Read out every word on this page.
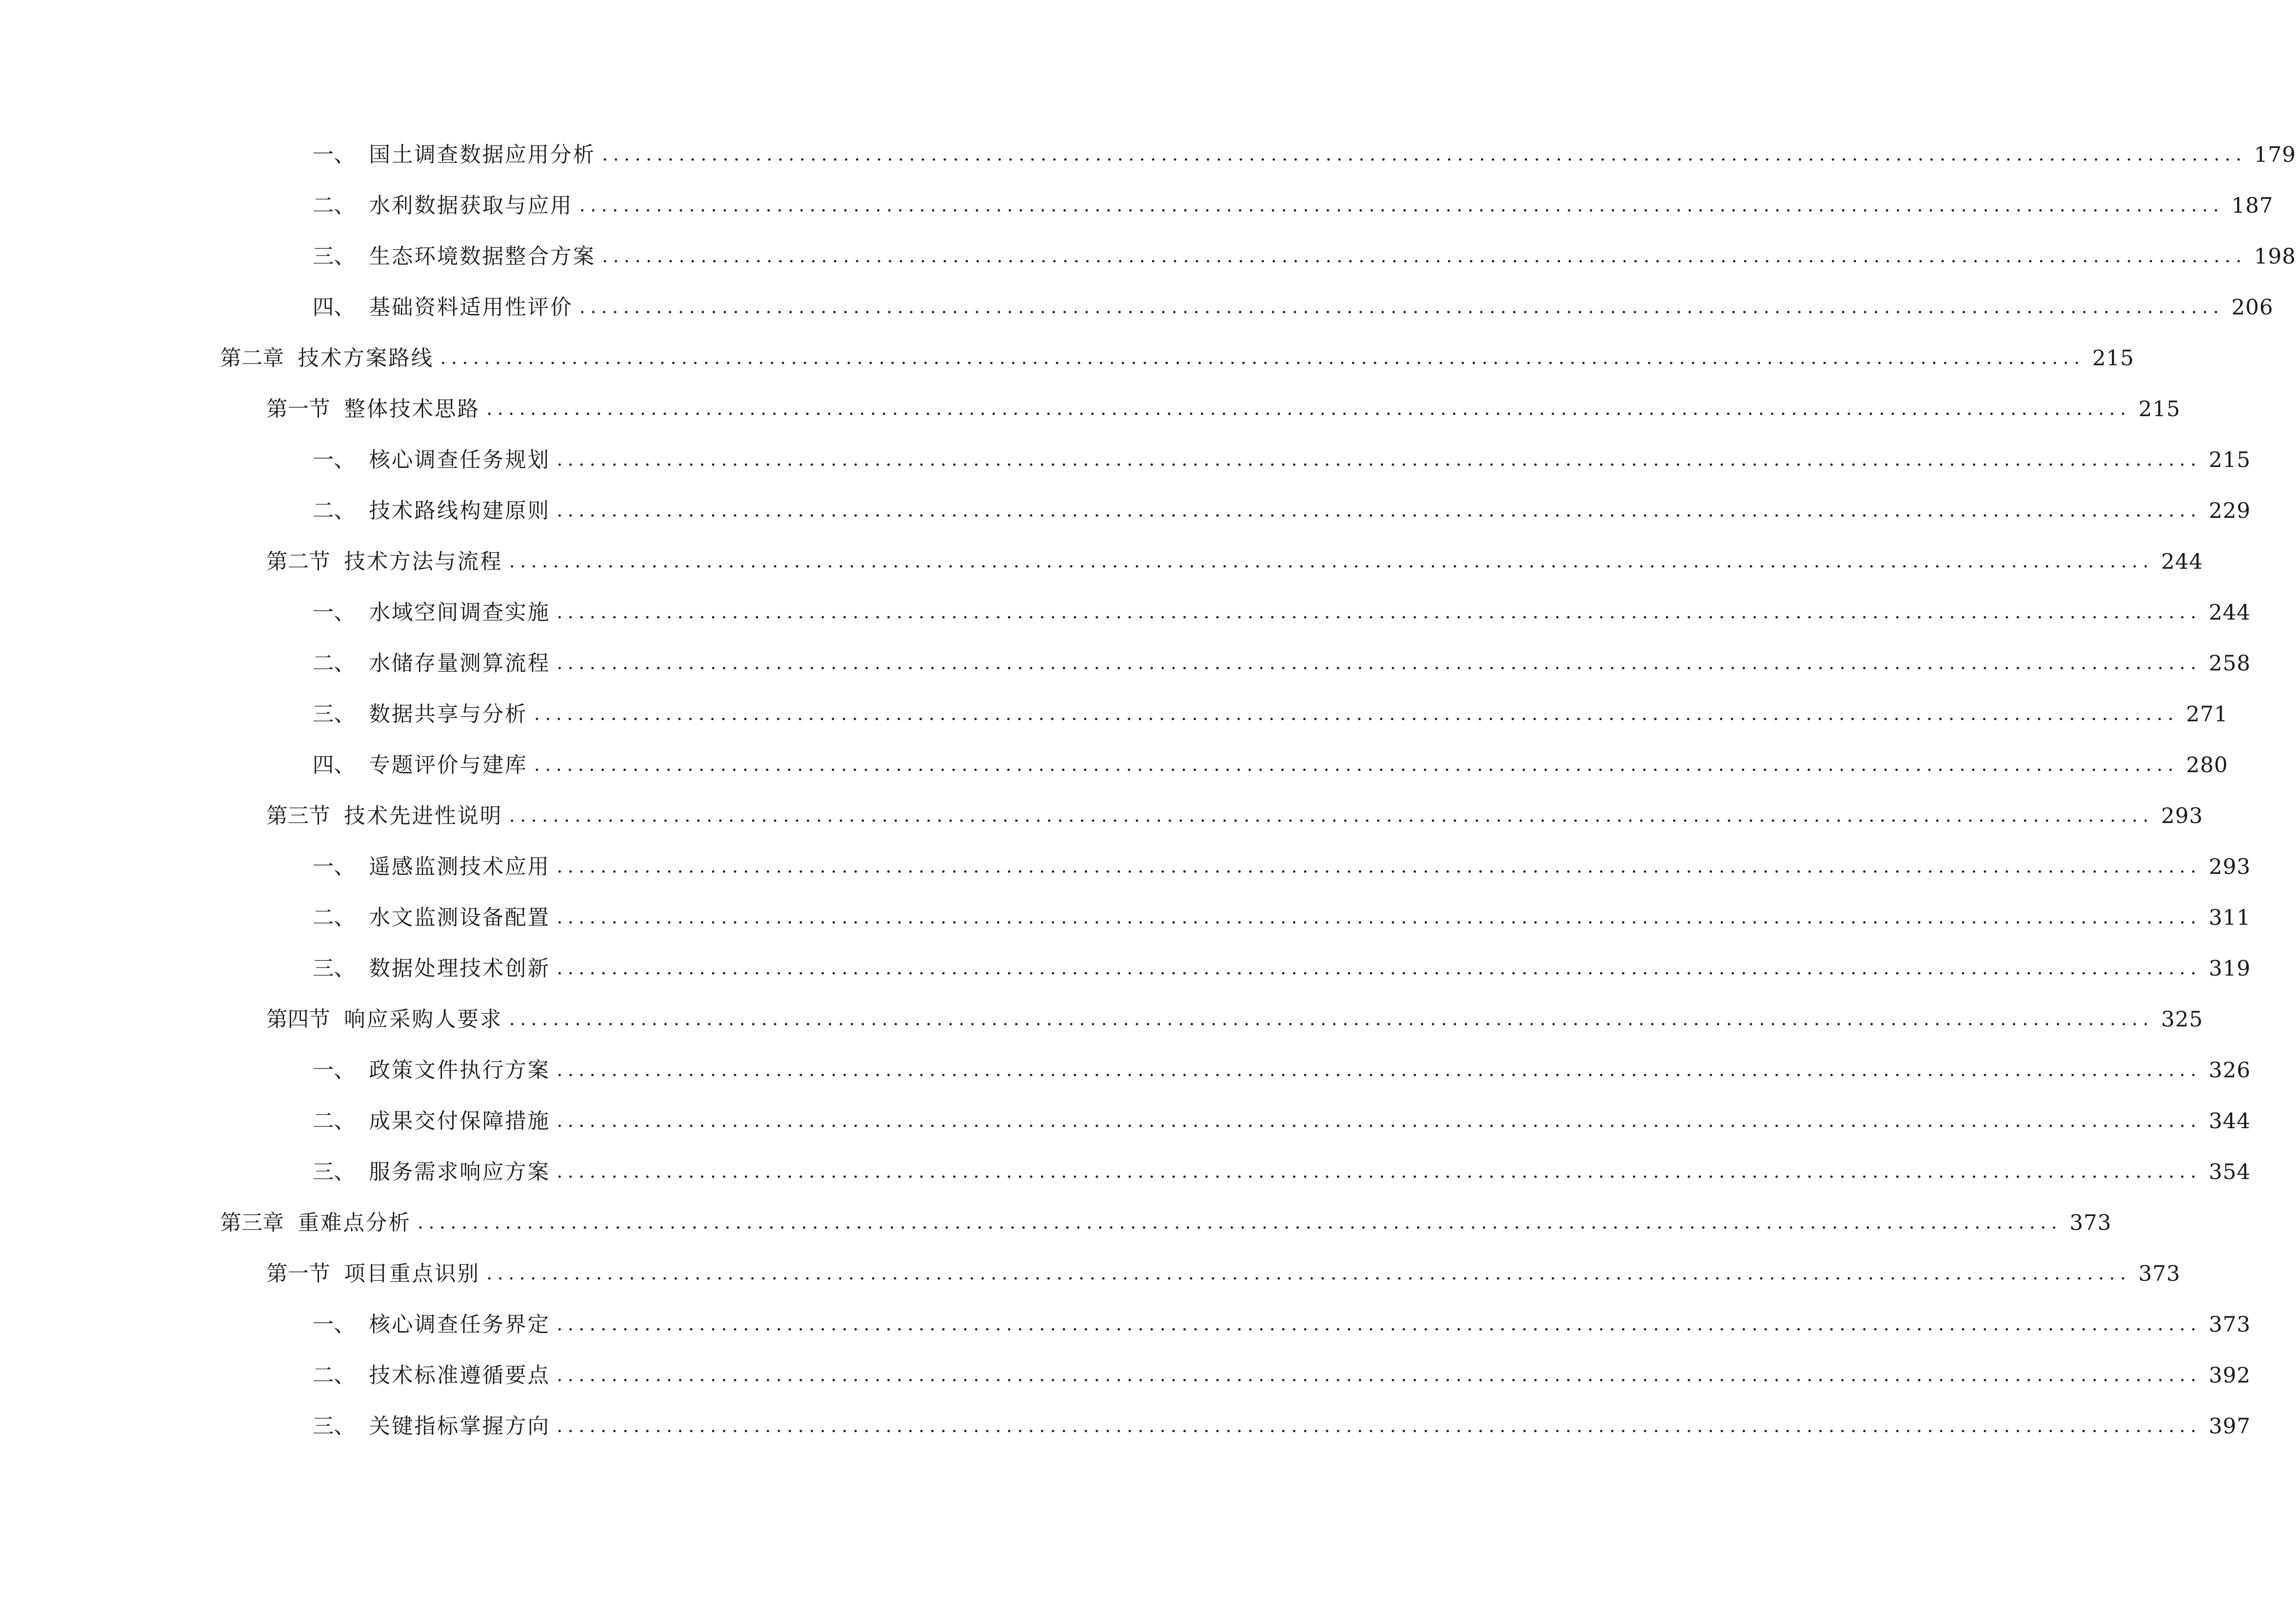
一、 国土调查数据应用分析 ...................................................................................................................................................... 179
二、 水利数据获取与应用 ...................................................................................................................................................... 187
三、 生态环境数据整合方案 ...................................................................................................................................................... 198
四、 基础资料适用性评价 ...................................................................................................................................................... 206
第二章 技术方案路线 ...................................................................................................................................................... 215
第一节 整体技术思路 ...................................................................................................................................................... 215
一、 核心调查任务规划 ...................................................................................................................................................... 215
二、 技术路线构建原则 ...................................................................................................................................................... 229
第二节 技术方法与流程 ...................................................................................................................................................... 244
一、 水域空间调查实施 ...................................................................................................................................................... 244
二、 水储存量测算流程 ...................................................................................................................................................... 258
三、 数据共享与分析 ...................................................................................................................................................... 271
四、 专题评价与建库 ...................................................................................................................................................... 280
第三节 技术先进性说明 ...................................................................................................................................................... 293
一、 遥感监测技术应用 ...................................................................................................................................................... 293
二、 水文监测设备配置 ...................................................................................................................................................... 311
三、 数据处理技术创新 ...................................................................................................................................................... 319
第四节 响应采购人要求 ...................................................................................................................................................... 325
一、 政策文件执行方案 ...................................................................................................................................................... 326
二、 成果交付保障措施 ...................................................................................................................................................... 344
三、 服务需求响应方案 ...................................................................................................................................................... 354
第三章 重难点分析 ...................................................................................................................................................... 373
第一节 项目重点识别 ...................................................................................................................................................... 373
一、 核心调查任务界定 ...................................................................................................................................................... 373
二、 技术标准遵循要点 ...................................................................................................................................................... 392
三、 关键指标掌握方向 ...................................................................................................................................................... 397
